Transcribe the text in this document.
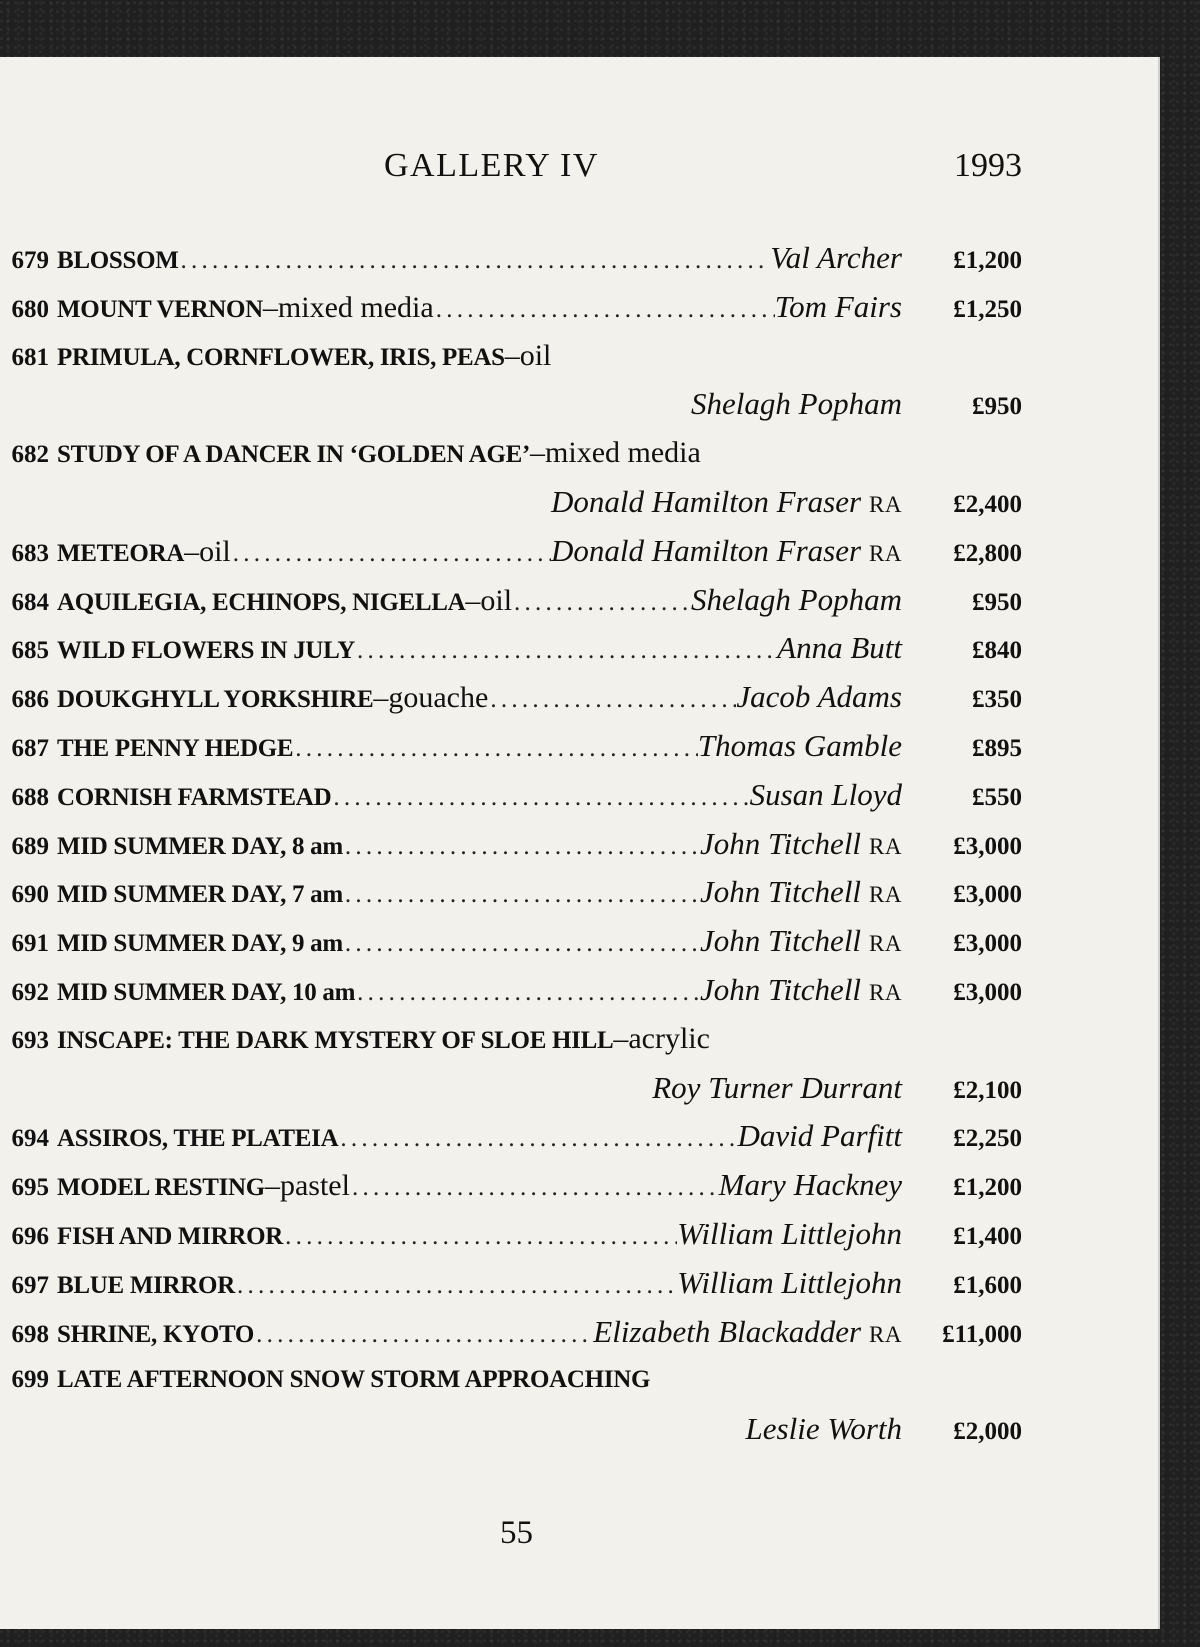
GALLERY IV	1993
679 BLOSSOM . . .	Val Archer	£1,200
680 MOUNT VERNON – mixed media . . .	Tom Fairs	£1,250
681 PRIMULA, CORNFLOWER, IRIS, PEAS – oil
Shelagh Popham	£950
682 STUDY OF A DANCER IN ‘GOLDEN AGE’ – mixed media
Donald Hamilton Fraser RA	£2,400
683 METEORA – oil . . .	Donald Hamilton Fraser RA	£2,800
684 AQUILEGIA, ECHINOPS, NIGELLA – oil . . .	Shelagh Popham	£950
685 WILD FLOWERS IN JULY . . .	Anna Butt	£840
686 DOUKGHYLL YORKSHIRE – gouache . . .	Jacob Adams	£350
687 THE PENNY HEDGE . . .	Thomas Gamble	£895
688 CORNISH FARMSTEAD . . .	Susan Lloyd	£550
689 MID SUMMER DAY, 8 am . . .	John Titchell RA	£3,000
690 MID SUMMER DAY, 7 am . . .	John Titchell RA	£3,000
691 MID SUMMER DAY, 9 am . . .	John Titchell RA	£3,000
692 MID SUMMER DAY, 10 am . . .	John Titchell RA	£3,000
693 INSCAPE: THE DARK MYSTERY OF SLOE HILL – acrylic
Roy Turner Durrant	£2,100
694 ASSIROS, THE PLATEIA . . .	David Parfitt	£2,250
695 MODEL RESTING – pastel . . .	Mary Hackney	£1,200
696 FISH AND MIRROR . . .	William Littlejohn	£1,400
697 BLUE MIRROR . . .	William Littlejohn	£1,600
698 SHRINE, KYOTO . . .	Elizabeth Blackadder RA	£11,000
699 LATE AFTERNOON SNOW STORM APPROACHING
Leslie Worth	£2,000
55
